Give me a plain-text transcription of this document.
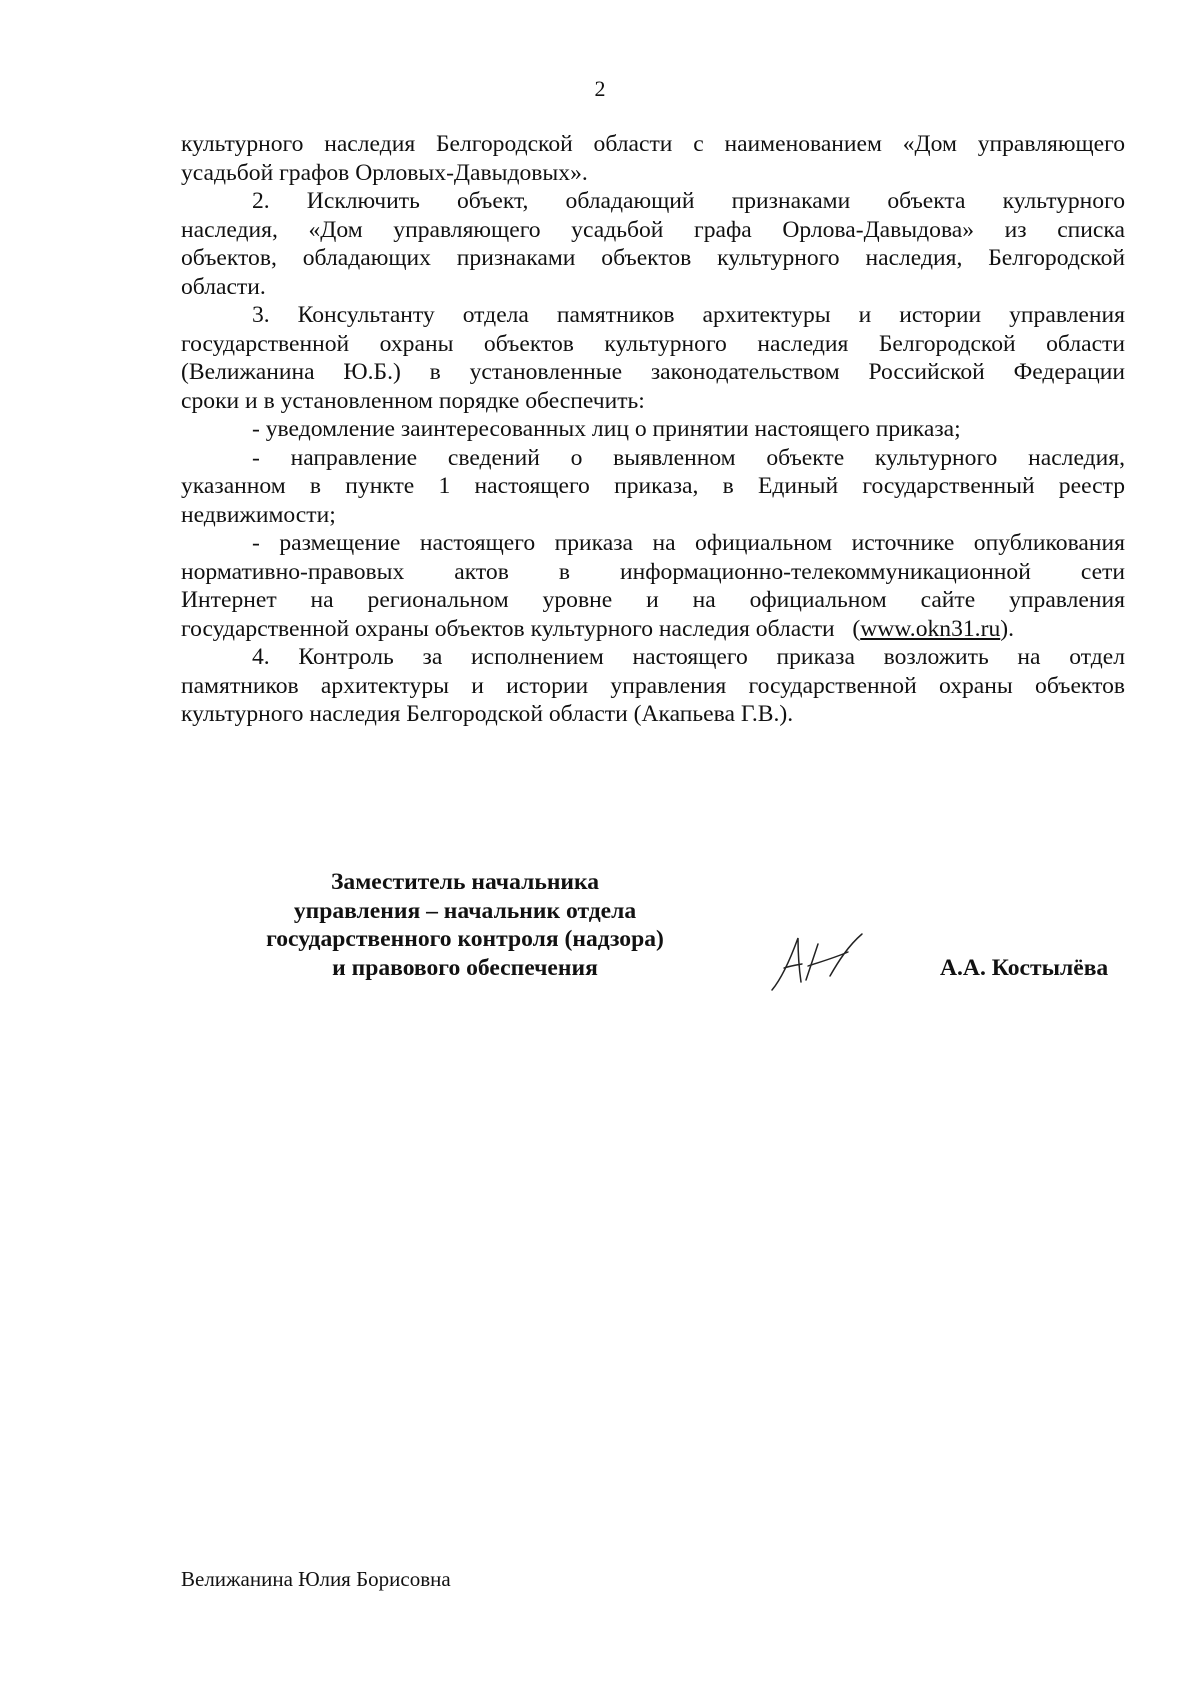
2

культурного наследия Белгородской области с наименованием «Дом управляющего

усадьбой графов Орловых-Давыдовых».

2. Исключить объект, обладающий признаками объекта культурного

наследия, «Дом управляющего усадьбой графа Орлова-Давыдова» из списка

объектов, обладающих признаками объектов культурного наследия, Белгородской

области.

3. Консультанту отдела памятников архитектуры и истории управления

государственной охраны объектов культурного наследия Белгородской области

(Велижанина Ю.Б.) в установленные законодательством Российской Федерации

сроки и в установленном порядке обеспечить:

- уведомление заинтересованных лиц о принятии настоящего приказа;

- направление сведений о выявленном объекте культурного наследия,

указанном в пункте 1 настоящего приказа, в Единый государственный реестр

недвижимости;

- размещение настоящего приказа на официальном источнике опубликования

нормативно-правовых актов в информационно-телекоммуникационной сети

Интернет на региональном уровне и на официальном сайте управления

государственной охраны объектов культурного наследия области   (www.okn31.ru).

4. Контроль за исполнением настоящего приказа возложить на отдел

памятников архитектуры и истории управления государственной охраны объектов

культурного наследия Белгородской области (Акапьева Г.В.).

Заместитель начальника
управления – начальник отдела
государственного контроля (надзора)
и правового обеспечения	А.А. Костылёва
Велижанина Юлия Борисовна
